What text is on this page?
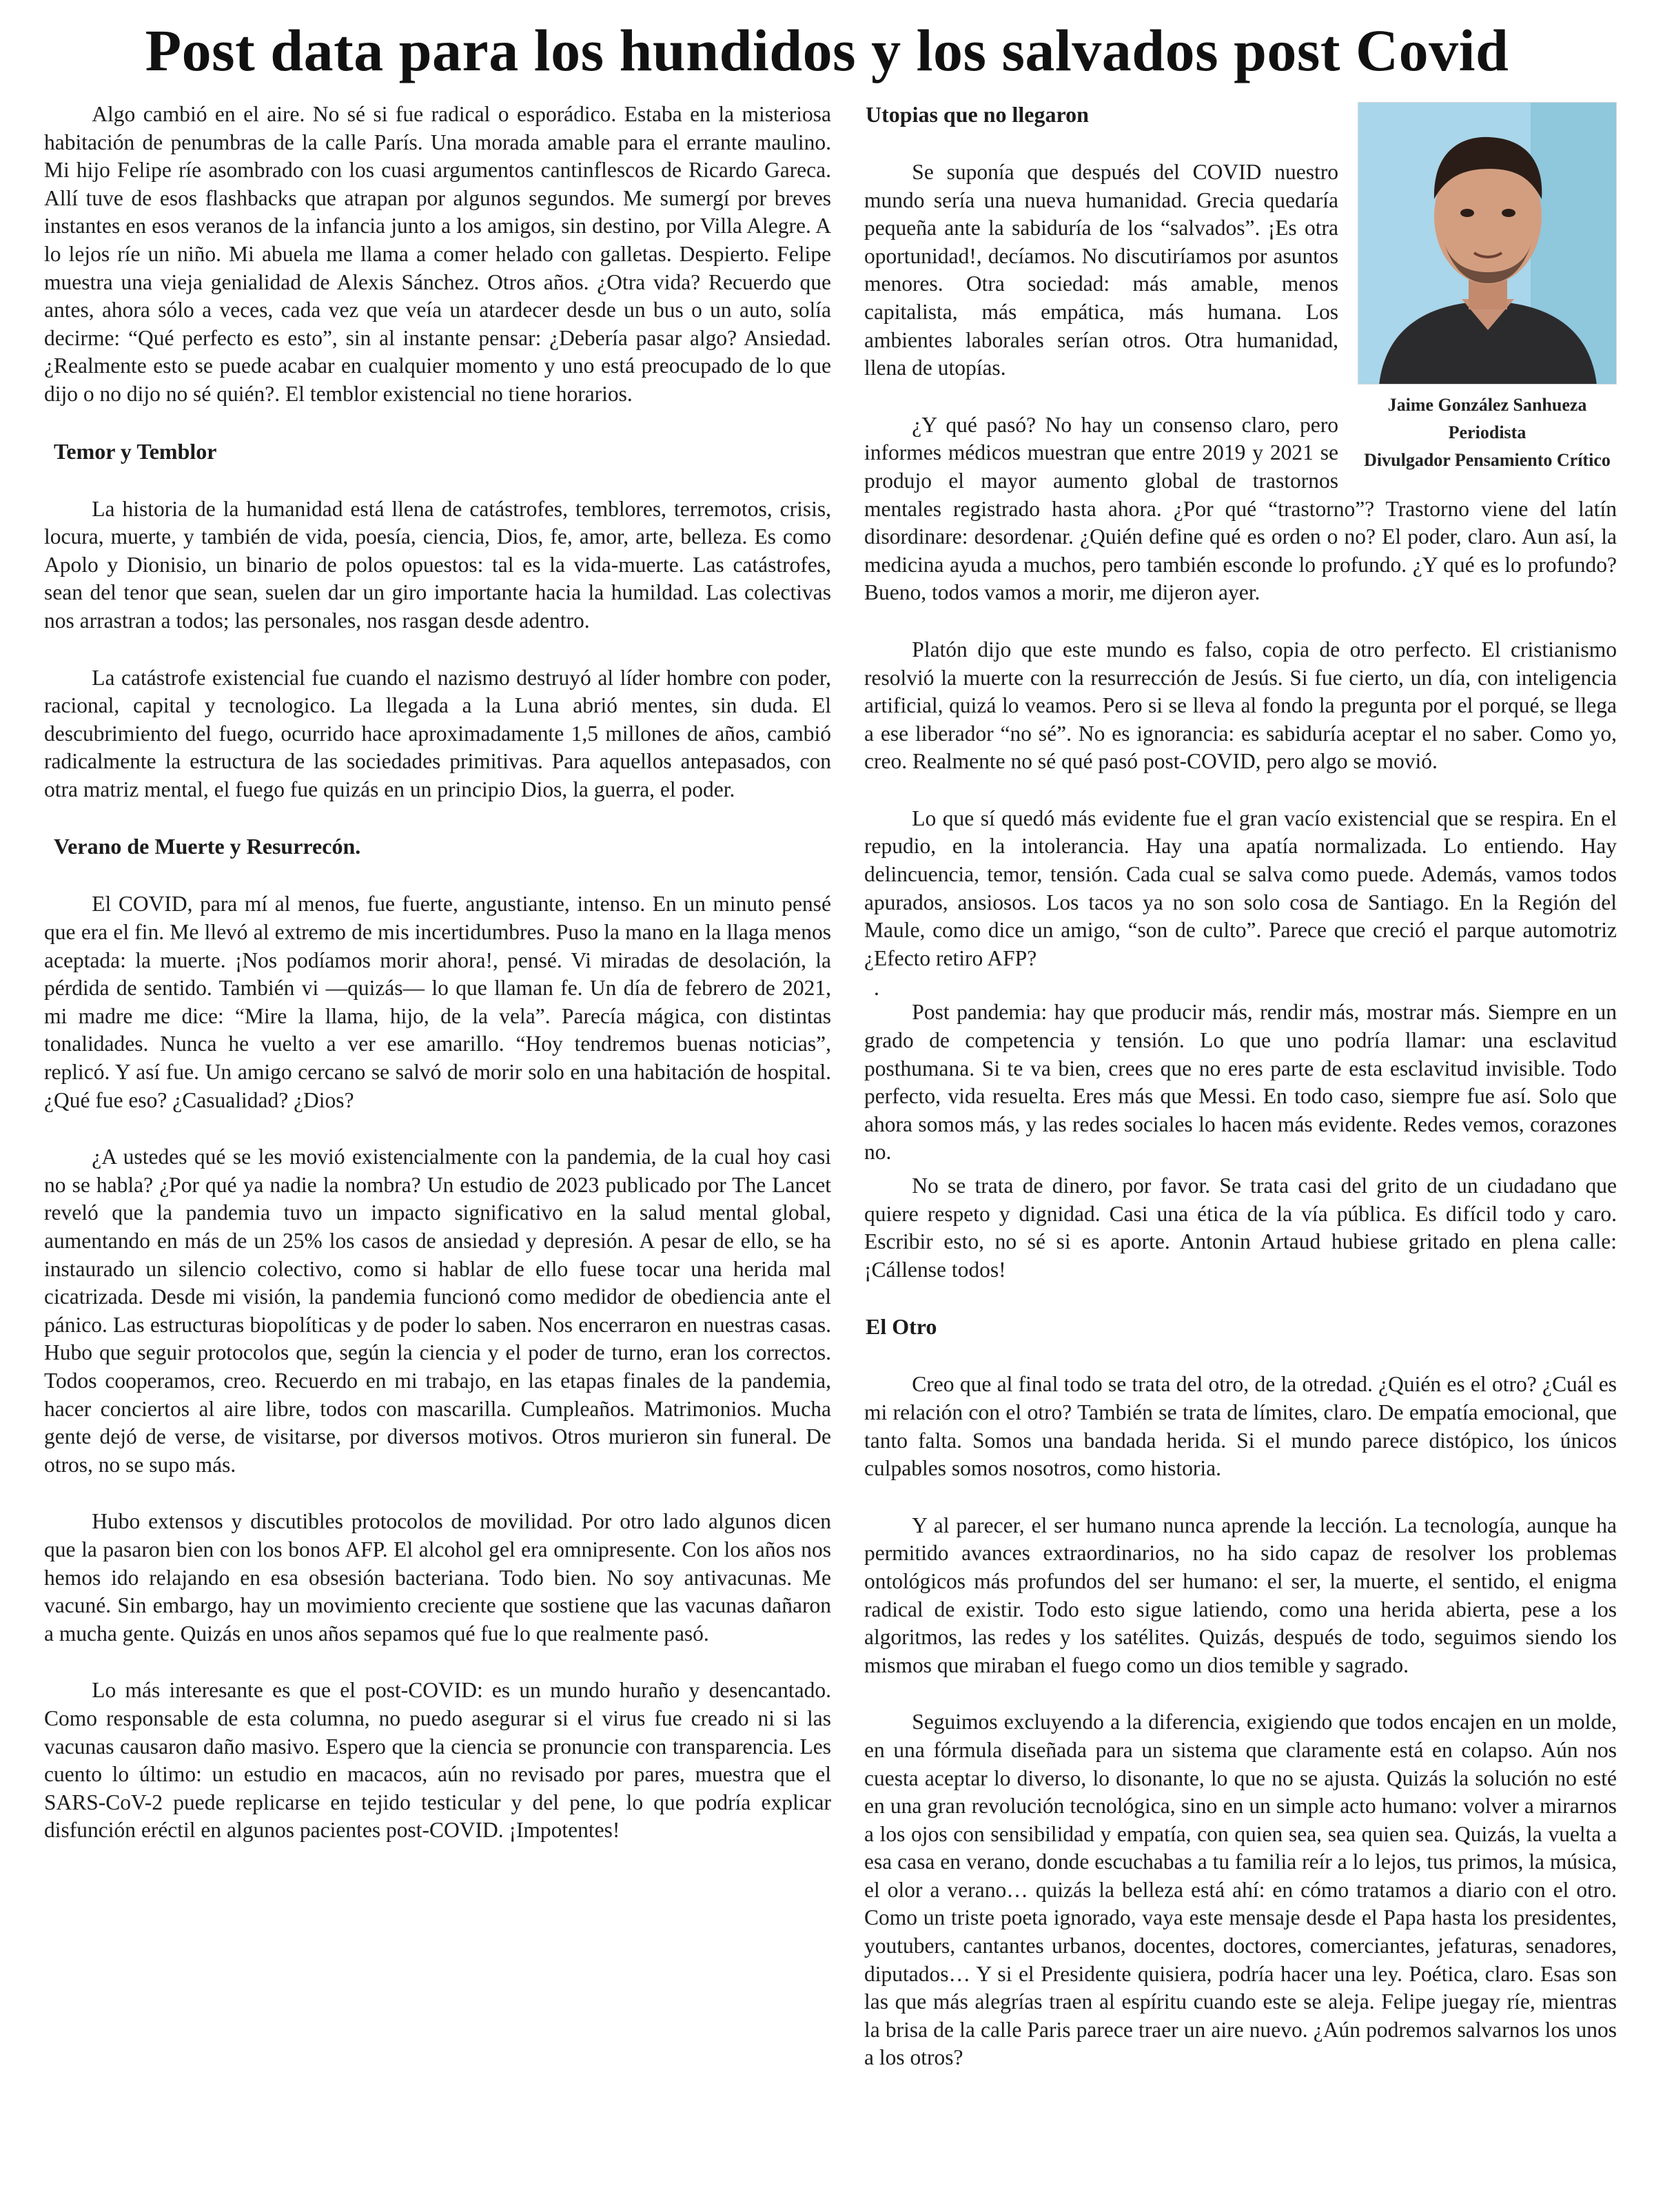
Post data para los hundidos y los salvados post Covid

Algo cambió en el aire. No sé si fue radical o esporádico. Estaba en la misteriosa habitación de penumbras de la calle París. Una morada amable para el errante maulino. Mi hijo Felipe ríe asombrado con los cuasi argumentos cantinflescos de Ricardo Gareca. Allí tuve de esos flashbacks que atrapan por algunos segundos. Me sumergí por breves instantes en esos veranos de la infancia junto a los amigos, sin destino, por Villa Alegre. A lo lejos ríe un niño. Mi abuela me llama a comer helado con galletas. Despierto. Felipe muestra una vieja genialidad de Alexis Sánchez. Otros años. ¿Otra vida? Recuerdo que antes, ahora sólo a veces, cada vez que veía un atardecer desde un bus o un auto, solía decirme: “Qué perfecto es esto”, sin al instante pensar: ¿Debería pasar algo? Ansiedad. ¿Realmente esto se puede acabar en cualquier momento y uno está preocupado de lo que dijo o no dijo no sé quién?. El temblor existencial no tiene horarios.

Temor y Temblor

La historia de la humanidad está llena de catástrofes, temblores, terremotos, crisis, locura, muerte, y también de vida, poesía, ciencia, Dios, fe, amor, arte, belleza. Es como Apolo y Dionisio, un binario de polos opuestos: tal es la vida-muerte. Las catástrofes, sean del tenor que sean, suelen dar un giro importante hacia la humildad. Las colectivas nos arrastran a todos; las personales, nos rasgan desde adentro.

La catástrofe existencial fue cuando el nazismo destruyó al líder hombre con poder, racional, capital y tecnologico. La llegada a la Luna abrió mentes, sin duda. El descubrimiento del fuego, ocurrido hace aproximadamente 1,5 millones de años, cambió radicalmente la estructura de las sociedades primitivas. Para aquellos antepasados, con otra matriz mental, el fuego fue quizás en un principio Dios, la guerra, el poder.

Verano de Muerte y Resurrecón.

El COVID, para mí al menos, fue fuerte, angustiante, intenso. En un minuto pensé que era el fin. Me llevó al extremo de mis incertidumbres. Puso la mano en la llaga menos aceptada: la muerte. ¡Nos podíamos morir ahora!, pensé. Vi miradas de desolación, la pérdida de sentido. También vi —quizás— lo que llaman fe. Un día de febrero de 2021, mi madre me dice: “Mire la llama, hijo, de la vela”. Parecía mágica, con distintas tonalidades. Nunca he vuelto a ver ese amarillo. “Hoy tendremos buenas noticias”, replicó. Y así fue. Un amigo cercano se salvó de morir solo en una habitación de hospital. ¿Qué fue eso? ¿Casualidad? ¿Dios?

¿A ustedes qué se les movió existencialmente con la pandemia, de la cual hoy casi no se habla? ¿Por qué ya nadie la nombra? Un estudio de 2023 publicado por The Lancet reveló que la pandemia tuvo un impacto significativo en la salud mental global, aumentando en más de un 25% los casos de ansiedad y depresión. A pesar de ello, se ha instaurado un silencio colectivo, como si hablar de ello fuese tocar una herida mal cicatrizada. Desde mi visión, la pandemia funcionó como medidor de obediencia ante el pánico. Las estructuras biopolíticas y de poder lo saben. Nos encerraron en nuestras casas. Hubo que seguir protocolos que, según la ciencia y el poder de turno, eran los correctos. Todos cooperamos, creo. Recuerdo en mi trabajo, en las etapas finales de la pandemia, hacer conciertos al aire libre, todos con mascarilla. Cumpleaños. Matrimonios. Mucha gente dejó de verse, de visitarse, por diversos motivos. Otros murieron sin funeral. De otros, no se supo más.

Hubo extensos y discutibles protocolos de movilidad. Por otro lado algunos dicen que la pasaron bien con los bonos AFP. El alcohol gel era omnipresente. Con los años nos hemos ido relajando en esa obsesión bacteriana. Todo bien. No soy antivacunas. Me vacuné. Sin embargo, hay un movimiento creciente que sostiene que las vacunas dañaron a mucha gente. Quizás en unos años sepamos qué fue lo que realmente pasó.

Lo más interesante es que el post-COVID: es un mundo huraño y desencantado. Como responsable de esta columna, no puedo asegurar si el virus fue creado ni si las vacunas causaron daño masivo. Espero que la ciencia se pronuncie con transparencia. Les cuento lo último: un estudio en macacos, aún no revisado por pares, muestra que el SARS-CoV-2 puede replicarse en tejido testicular y del pene, lo que podría explicar disfunción eréctil en algunos pacientes post-COVID. ¡Impotentes!

Jaime González Sanhueza
Periodista
Divulgador Pensamiento Crítico
Utopias que no llegaron

Se suponía que después del COVID nuestro mundo sería una nueva humanidad. Grecia quedaría pequeña ante la sabiduría de los “salvados”. ¡Es otra oportunidad!, decíamos. No discutiríamos por asuntos menores. Otra sociedad: más amable, menos capitalista, más empática, más humana. Los ambientes laborales serían otros. Otra humanidad, llena de utopías.

¿Y qué pasó? No hay un consenso claro, pero informes médicos muestran que entre 2019 y 2021 se produjo el mayor aumento global de trastornos mentales registrado hasta ahora. ¿Por qué “trastorno”? Trastorno viene del latín disordinare: desordenar. ¿Quién define qué es orden o no? El poder, claro. Aun así, la medicina ayuda a muchos, pero también esconde lo profundo. ¿Y qué es lo profundo? Bueno, todos vamos a morir, me dijeron ayer.

Platón dijo que este mundo es falso, copia de otro perfecto. El cristianismo resolvió la muerte con la resurrección de Jesús. Si fue cierto, un día, con inteligencia artificial, quizá lo veamos. Pero si se lleva al fondo la pregunta por el porqué, se llega a ese liberador “no sé”. No es ignorancia: es sabiduría aceptar el no saber. Como yo, creo. Realmente no sé qué pasó post-COVID, pero algo se movió.

Lo que sí quedó más evidente fue el gran vacío existencial que se respira. En el repudio, en la intolerancia. Hay una apatía normalizada. Lo entiendo. Hay delincuencia, temor, tensión. Cada cual se salva como puede. Además, vamos todos apurados, ansiosos. Los tacos ya no son solo cosa de Santiago. En la Región del Maule, como dice un amigo, “son de culto”. Parece que creció el parque automotriz ¿Efecto retiro AFP?

.

Post pandemia: hay que producir más, rendir más, mostrar más. Siempre en un grado de competencia y tensión. Lo que uno podría llamar: una esclavitud posthumana. Si te va bien, crees que no eres parte de esta esclavitud invisible. Todo perfecto, vida resuelta. Eres más que Messi. En todo caso, siempre fue así. Solo que ahora somos más, y las redes sociales lo hacen más evidente. Redes vemos, corazones no.

No se trata de dinero, por favor. Se trata casi del grito de un ciudadano que quiere respeto y dignidad. Casi una ética de la vía pública. Es difícil todo y caro. Escribir esto, no sé si es aporte. Antonin Artaud hubiese gritado en plena calle: ¡Cállense todos!

El Otro

Creo que al final todo se trata del otro, de la otredad. ¿Quién es el otro? ¿Cuál es mi relación con el otro? También se trata de límites, claro. De empatía emocional, que tanto falta. Somos una bandada herida. Si el mundo parece distópico, los únicos culpables somos nosotros, como historia.

Y al parecer, el ser humano nunca aprende la lección. La tecnología, aunque ha permitido avances extraordinarios, no ha sido capaz de resolver los problemas ontológicos más profundos del ser humano: el ser, la muerte, el sentido, el enigma radical de existir. Todo esto sigue latiendo, como una herida abierta, pese a los algoritmos, las redes y los satélites. Quizás, después de todo, seguimos siendo los mismos que miraban el fuego como un dios temible y sagrado.

Seguimos excluyendo a la diferencia, exigiendo que todos encajen en un molde, en una fórmula diseñada para un sistema que claramente está en colapso. Aún nos cuesta aceptar lo diverso, lo disonante, lo que no se ajusta. Quizás la solución no esté en una gran revolución tecnológica, sino en un simple acto humano: volver a mirarnos a los ojos con sensibilidad y empatía, con quien sea, sea quien sea. Quizás, la vuelta a esa casa en verano, donde escuchabas a tu familia reír a lo lejos, tus primos, la música, el olor a verano… quizás la belleza está ahí: en cómo tratamos a diario con el otro. Como un triste poeta ignorado, vaya este mensaje desde el Papa hasta los presidentes, youtubers, cantantes urbanos, docentes, doctores, comerciantes, jefaturas, senadores, diputados… Y si el Presidente quisiera, podría hacer una ley. Poética, claro. Esas son las que más alegrías traen al espíritu cuando este se aleja. Felipe juegay ríe, mientras la brisa de la calle Paris parece traer un aire nuevo. ¿Aún podremos salvarnos los unos a los otros?
